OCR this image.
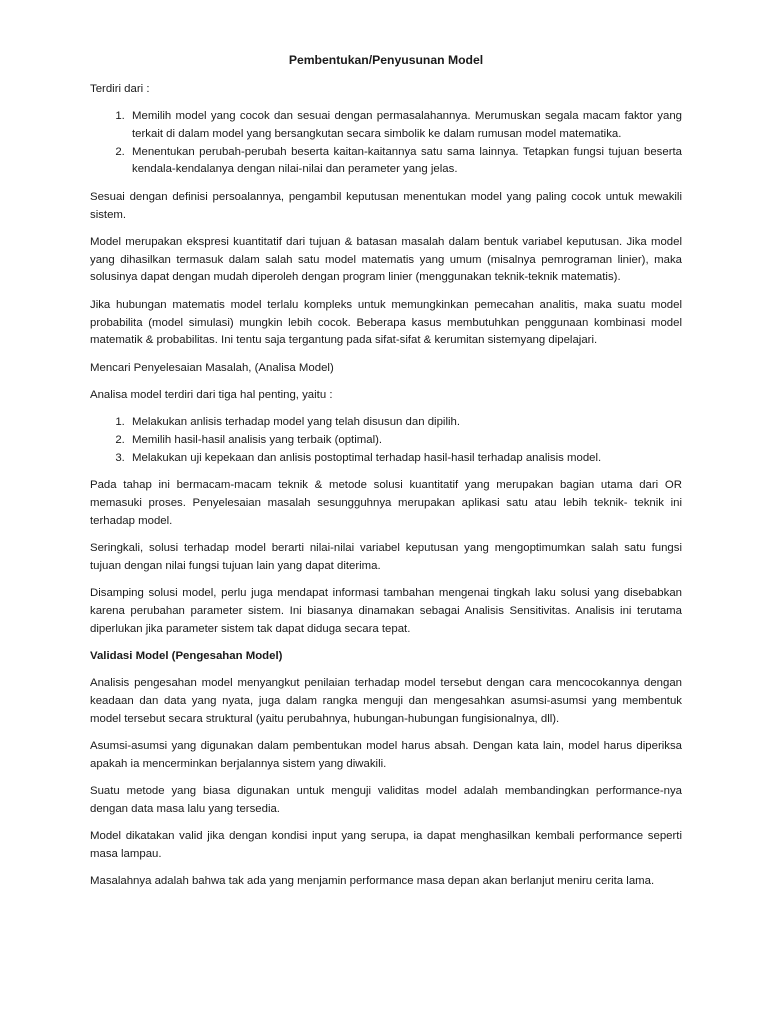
Pembentukan/Penyusunan Model

Terdiri dari :

1. Memilih model yang cocok dan sesuai dengan permasalahannya. Merumuskan segala macam faktor yang terkait di dalam model yang bersangkutan secara simbolik ke dalam rumusan model matematika.
2. Menentukan perubah-perubah beserta kaitan-kaitannya satu sama lainnya. Tetapkan fungsi tujuan beserta kendala-kendalanya dengan nilai-nilai dan perameter yang jelas.

Sesuai dengan definisi persoalannya, pengambil keputusan menentukan model yang paling cocok untuk mewakili sistem.

Model merupakan ekspresi kuantitatif dari tujuan & batasan masalah dalam bentuk variabel keputusan. Jika model yang dihasilkan termasuk dalam salah satu model matematis yang umum (misalnya pemrograman linier), maka solusinya dapat dengan mudah diperoleh dengan program linier (menggunakan teknik-teknik matematis).

Jika hubungan matematis model terlalu kompleks untuk memungkinkan pemecahan analitis, maka suatu model probabilita (model simulasi) mungkin lebih cocok. Beberapa kasus membutuhkan penggunaan kombinasi model matematik & probabilitas. Ini tentu saja tergantung pada sifat-sifat & kerumitan sistemyang dipelajari.

Mencari Penyelesaian Masalah, (Analisa Model)

Analisa model terdiri dari tiga hal penting, yaitu :

1. Melakukan anlisis terhadap model yang telah disusun dan dipilih.
2. Memilih hasil-hasil analisis yang terbaik (optimal).
3. Melakukan uji kepekaan dan anlisis postoptimal terhadap hasil-hasil terhadap analisis model.

Pada tahap ini bermacam-macam teknik & metode solusi kuantitatif yang merupakan bagian utama dari OR memasuki proses. Penyelesaian masalah sesungguhnya merupakan aplikasi satu atau lebih teknik- teknik ini terhadap model.

Seringkali, solusi terhadap model berarti nilai-nilai variabel keputusan yang mengoptimumkan salah satu fungsi tujuan dengan nilai fungsi tujuan lain yang dapat diterima.

Disamping solusi model, perlu juga mendapat informasi tambahan mengenai tingkah laku solusi yang disebabkan karena perubahan parameter sistem. Ini biasanya dinamakan sebagai Analisis Sensitivitas. Analisis ini terutama diperlukan jika parameter sistem tak dapat diduga secara tepat.

Validasi Model (Pengesahan Model)

Analisis pengesahan model menyangkut penilaian terhadap model tersebut dengan cara mencocokannya dengan keadaan dan data yang nyata, juga dalam rangka menguji dan mengesahkan asumsi-asumsi yang membentuk model tersebut secara struktural (yaitu perubahnya, hubungan-hubungan fungisionalnya, dll).

Asumsi-asumsi yang digunakan dalam pembentukan model harus absah. Dengan kata lain, model harus diperiksa apakah ia mencerminkan berjalannya sistem yang diwakili.

Suatu metode yang biasa digunakan untuk menguji validitas model adalah membandingkan performance-nya dengan data masa lalu yang tersedia.

Model dikatakan valid jika dengan kondisi input yang serupa, ia dapat menghasilkan kembali performance seperti masa lampau.

Masalahnya adalah bahwa tak ada yang menjamin performance masa depan akan berlanjut meniru cerita lama.
